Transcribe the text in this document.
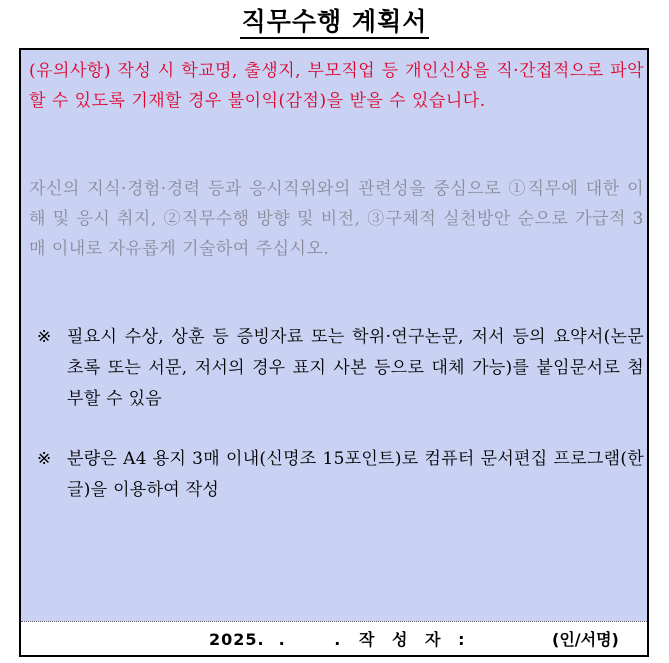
직무수행 계획서
(유의사항) 작성 시 학교명, 출생지, 부모직업 등 개인신상을 직·간접적으로 파악할 수 있도록 기재할 경우 불이익(감점)을 받을 수 있습니다.
자신의 지식·경험·경력 등과 응시직위와의 관련성을 중심으로 ①직무에 대한 이해 및 응시 취지, ②직무수행 방향 및 비전, ③구체적 실천방안 순으로 가급적 3매 이내로 자유롭게 기술하여 주십시오.
※ 필요시 수상, 상훈 등 증빙자료 또는 학위·연구논문, 저서 등의 요약서(논문초록 또는 서문, 저서의 경우 표지 사본 등으로 대체 가능)를 붙임문서로 첨부할 수 있음
※ 분량은 A4 용지 3매 이내(신명조 15포인트)로 컴퓨터 문서편집 프로그램(한글)을 이용하여 작성
2025. . .
작 성 자 :	(인/서명)
